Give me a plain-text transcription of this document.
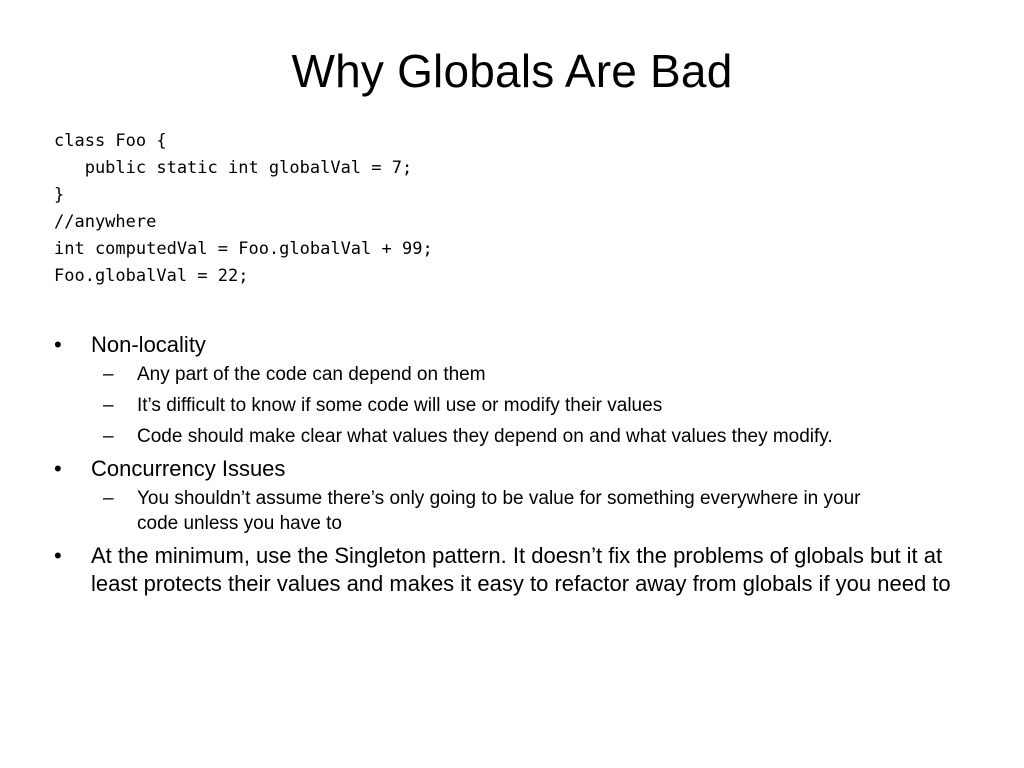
Why Globals Are Bad
class Foo {
public static int globalVal = 7;
}
//anywhere
int computedVal = Foo.globalVal + 99;
Foo.globalVal = 22;
•	Non-locality
–	Any part of the code can depend on them
–	It’s difficult to know if some code will use or modify their values
–	Code should make clear what values they depend on and what values they modify.
•	Concurrency Issues
–	You shouldn’t assume there’s only going to be value for something everywhere in your code unless you have to
•	At the minimum, use the Singleton pattern. It doesn’t fix the problems of globals but it at least protects their values and makes it easy to refactor away from globals if you need to
